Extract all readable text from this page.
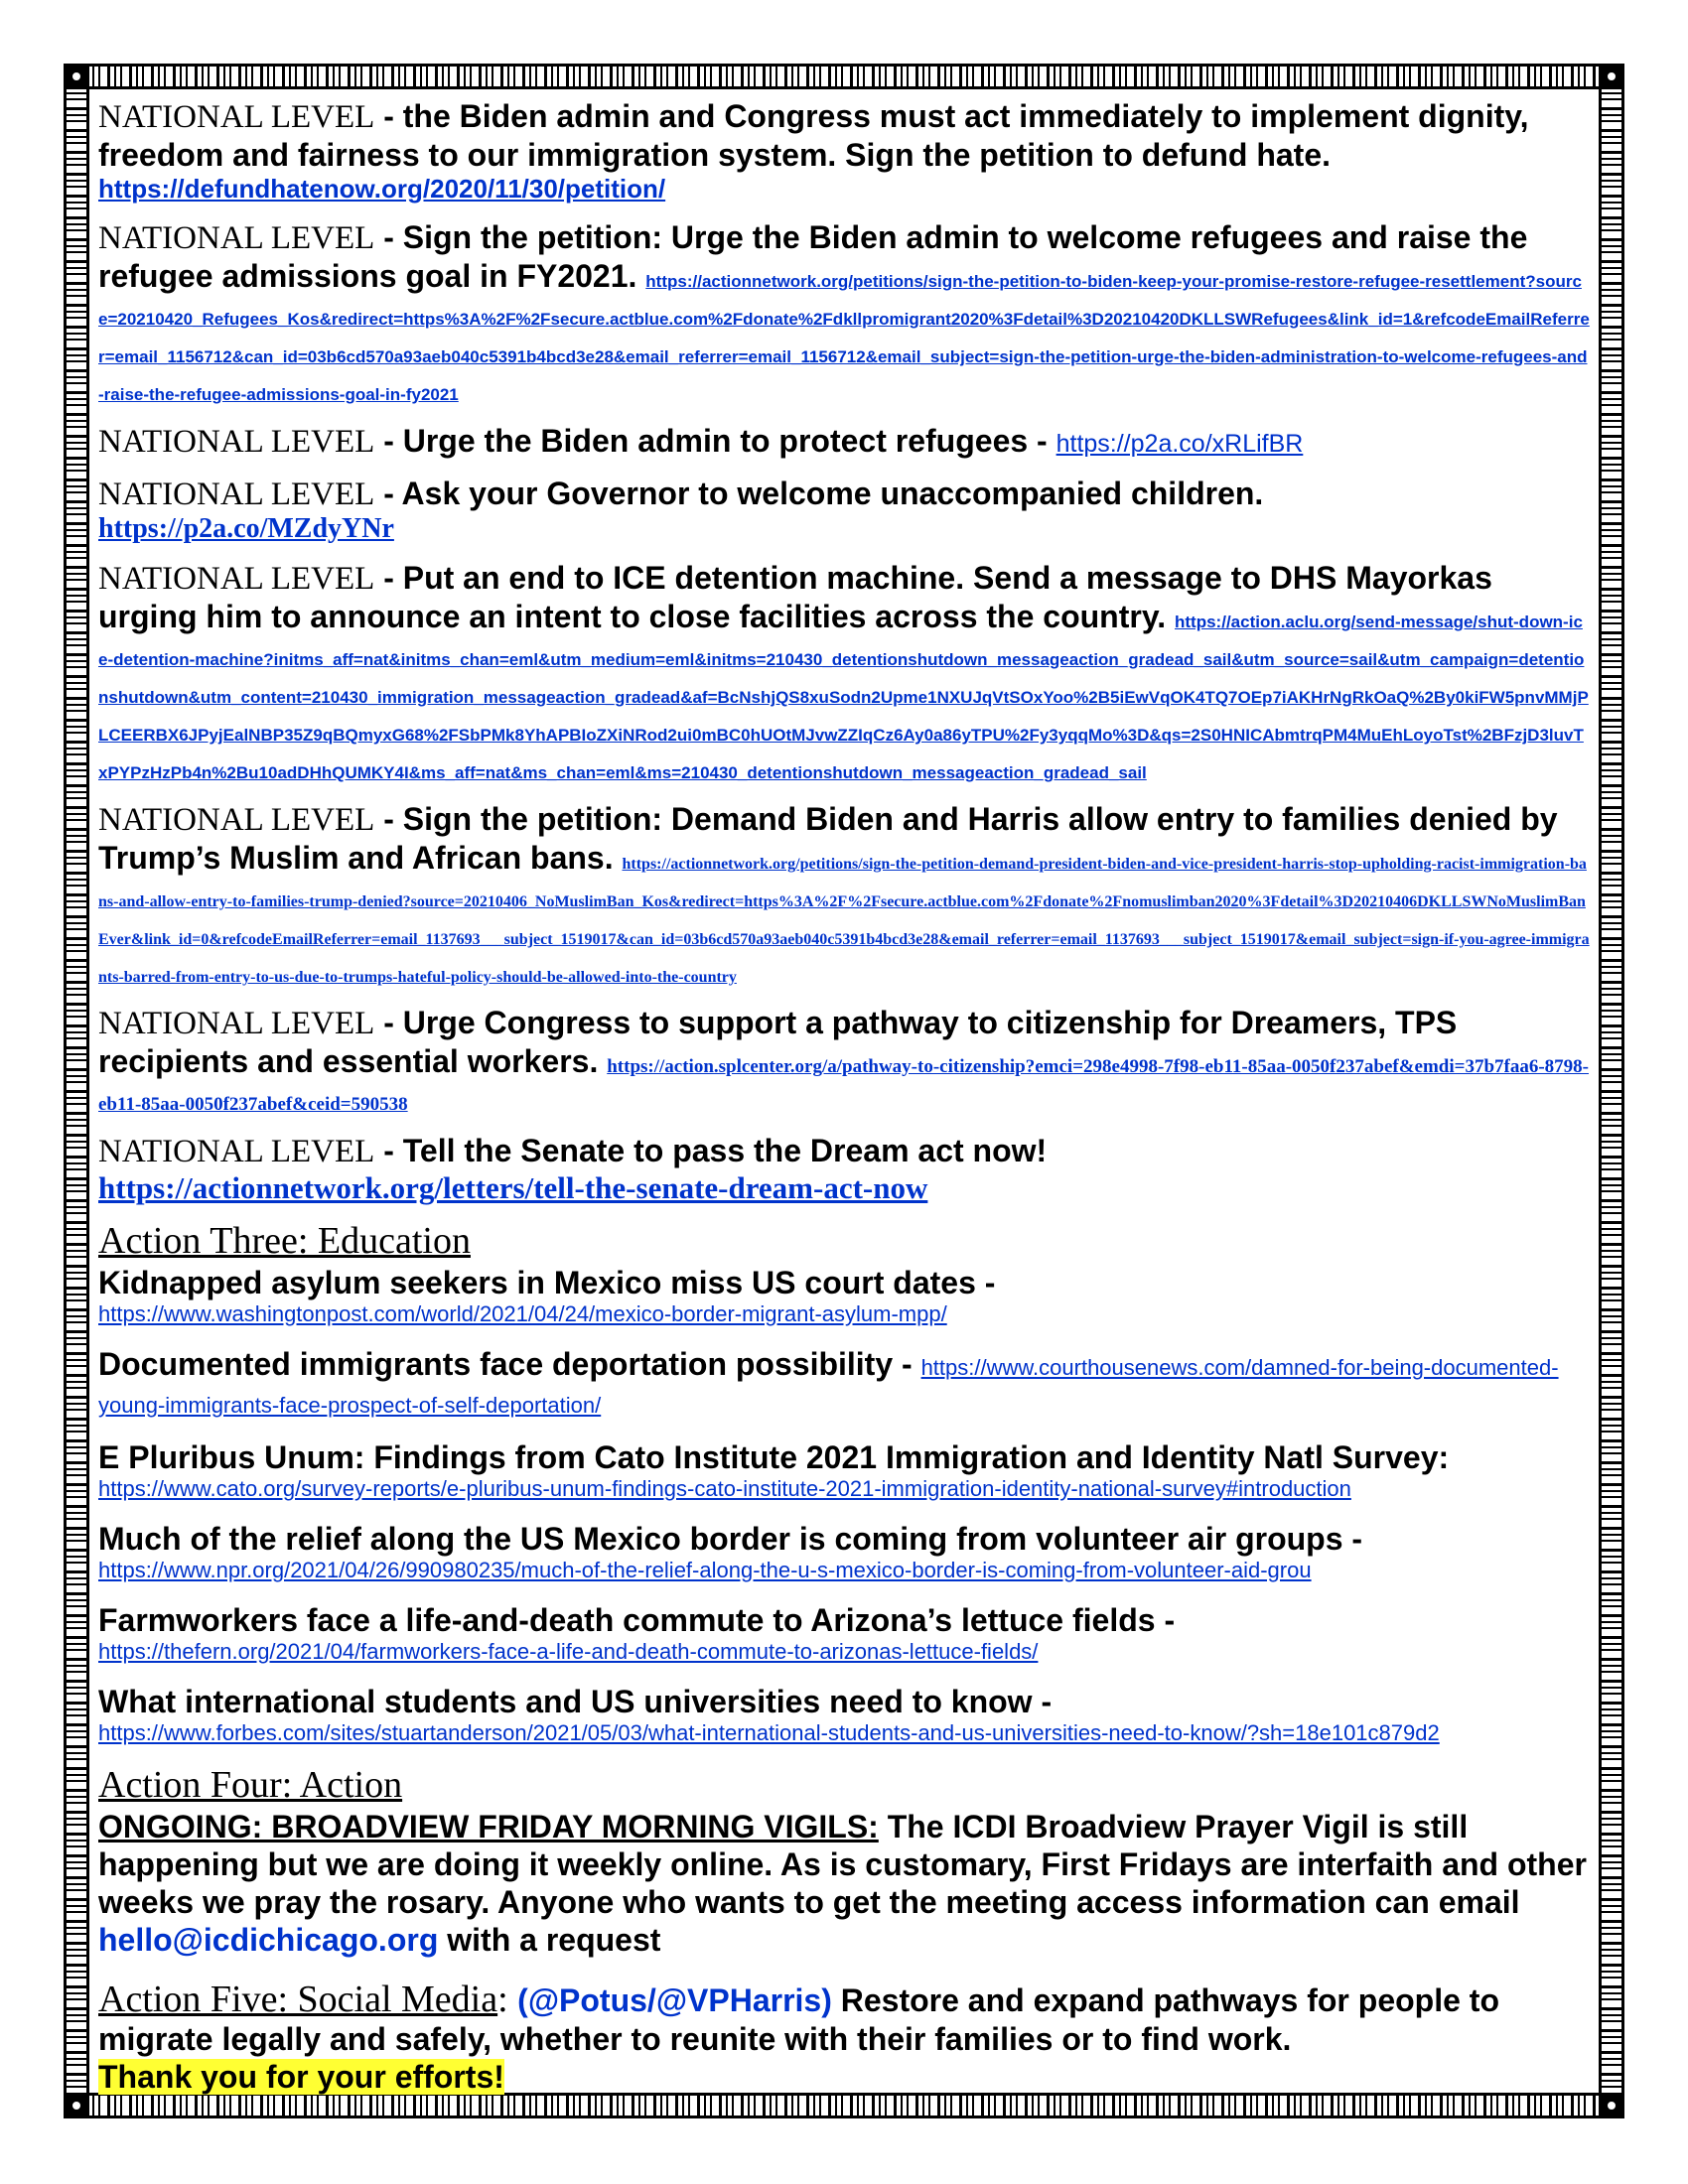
NATIONAL LEVEL - the Biden admin and Congress must act immediately to implement dignity, freedom and fairness to our immigration system. Sign the petition to defund hate.
https://defundhatenow.org/2020/11/30/petition/
NATIONAL LEVEL - Sign the petition: Urge the Biden admin to welcome refugees and raise the refugee admissions goal in FY2021. https://actionnetwork.org/petitions/sign-the-petition-to-biden-keep-your-promise-restore-refugee-resettlement?source=20210420_Refugees_Kos&redirect=https%3A%2F%2Fsecure.actblue.com%2Fdonate%2Fdkllpromigrant2020%3Fdetail%3D20210420DKLLSWRefugees&link_id=1&refcodeEmailReferrer=email_1156712&can_id=03b6cd570a93aeb040c5391b4bcd3e28&email_referrer=email_1156712&email_subject=sign-the-petition-urge-the-biden-administration-to-welcome-refugees-and-raise-the-refugee-admissions-goal-in-fy2021
NATIONAL LEVEL - Urge the Biden admin to protect refugees - https://p2a.co/xRLifBR
NATIONAL LEVEL - Ask your Governor to welcome unaccompanied children.
https://p2a.co/MZdyYNr
NATIONAL LEVEL - Put an end to ICE detention machine. Send a message to DHS Mayorkas urging him to announce an intent to close facilities across the country. https://action.aclu.org/send-message/shut-down-ice-detention-machine?initms_aff=nat&initms_chan=eml&utm_medium=eml&initms=210430_detentionshutdown_messageaction_gradead_sail&utm_source=sail&utm_campaign=detentionshutdown&utm_content=210430_immigration_messageaction_gradead&af=BcNshjQS8xuSodn2Upme1NXUJqVtSOxYoo%2B5iEwVqOK4TQ7OEp7iAKHrNgRkOaQ%2By0kiFW5pnvMMjPLCEERBX6JPyjEalNBP35Z9qBQmyxG68%2FSbPMk8YhAPBIoZXiNRod2ui0mBC0hUOtMJvwZZIqCz6Ay0a86yTPU%2Fy3yqqMo%3D&qs=2S0HNICAbmtrqPM4MuEhLoyoTst%2BFzjD3luvTxPYPzHzPb4n%2Bu10adDHhQUMKY4I&ms_aff=nat&ms_chan=eml&ms=210430_detentionshutdown_messageaction_gradead_sail
NATIONAL LEVEL - Sign the petition: Demand Biden and Harris allow entry to families denied by Trump’s Muslim and African bans. https://actionnetwork.org/petitions/sign-the-petition-demand-president-biden-and-vice-president-harris-stop-upholding-racist-immigration-bans-and-allow-entry-to-families-trump-denied?source=20210406_NoMuslimBan_Kos&redirect=https%3A%2F%2Fsecure.actblue.com%2Fdonate%2Fnomuslimban2020%3Fdetail%3D20210406DKLLSWNoMuslimBanEver&link_id=0&refcodeEmailReferrer=email_1137693___subject_1519017&can_id=03b6cd570a93aeb040c5391b4bcd3e28&email_referrer=email_1137693___subject_1519017&email_subject=sign-if-you-agree-immigrants-barred-from-entry-to-us-due-to-trumps-hateful-policy-should-be-allowed-into-the-country
NATIONAL LEVEL - Urge Congress to support a pathway to citizenship for Dreamers, TPS recipients and essential workers. https://action.splcenter.org/a/pathway-to-citizenship?emci=298e4998-7f98-eb11-85aa-0050f237abef&emdi=37b7faa6-8798-eb11-85aa-0050f237abef&ceid=590538
NATIONAL LEVEL - Tell the Senate to pass the Dream act now!
https://actionnetwork.org/letters/tell-the-senate-dream-act-now
Action Three: Education

Kidnapped asylum seekers in Mexico miss US court dates -

https://www.washingtonpost.com/world/2021/04/24/mexico-border-migrant-asylum-mpp/

Documented immigrants face deportation possibility - https://www.courthousenews.com/damned-for-being-documented-young-immigrants-face-prospect-of-self-deportation/

E Pluribus Unum: Findings from Cato Institute 2021 Immigration and Identity Natl Survey:

https://www.cato.org/survey-reports/e-pluribus-unum-findings-cato-institute-2021-immigration-identity-national-survey#introduction

Much of the relief along the US Mexico border is coming from volunteer air groups -

https://www.npr.org/2021/04/26/990980235/much-of-the-relief-along-the-u-s-mexico-border-is-coming-from-volunteer-aid-grou

Farmworkers face a life-and-death commute to Arizona’s lettuce fields -

https://thefern.org/2021/04/farmworkers-face-a-life-and-death-commute-to-arizonas-lettuce-fields/

What international students and US universities need to know -

https://www.forbes.com/sites/stuartanderson/2021/05/03/what-international-students-and-us-universities-need-to-know/?sh=18e101c879d2
Action Four: Action

ONGOING: BROADVIEW FRIDAY MORNING VIGILS: The ICDI Broadview Prayer Vigil is still happening but we are doing it weekly online. As is customary, First Fridays are interfaith and other weeks we pray the rosary. Anyone who wants to get the meeting access information can email hello@icdichicago.org with a request

Action Five: Social Media: (@Potus/@VPHarris) Restore and expand pathways for people to migrate legally and safely, whether to reunite with their families or to find work.

Thank you for your efforts!
